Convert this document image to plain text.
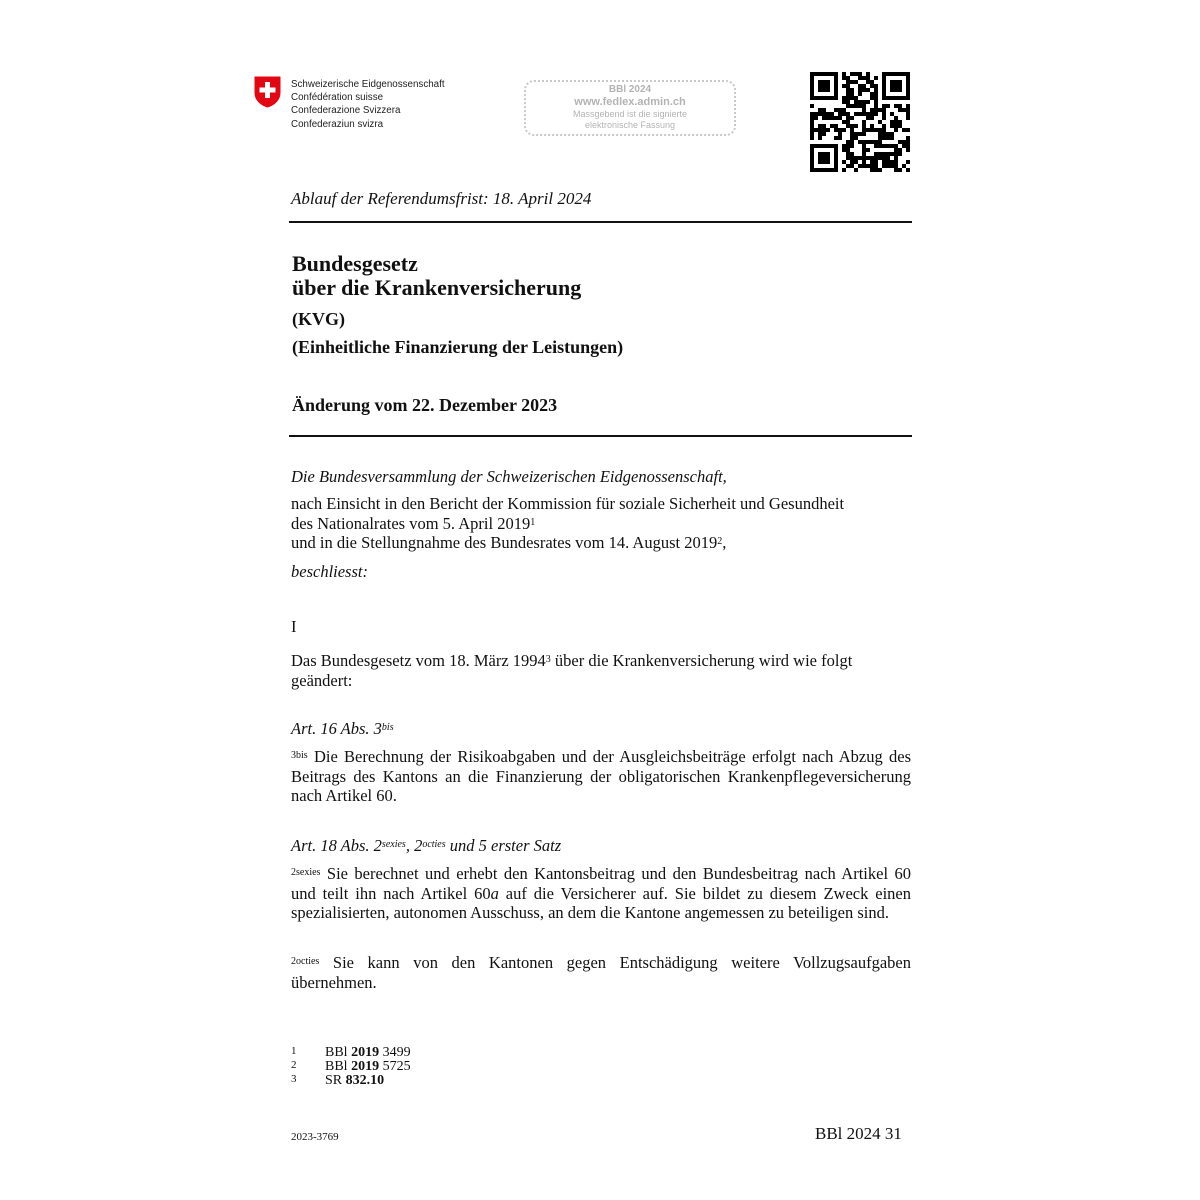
Schweizerische Eidgenossenschaft
Confédération suisse
Confederazione Svizzera
Confederaziun svizra
BBl 2024
www.fedlex.admin.ch
Massgebend ist die signierte
elektronische Fassung
Ablauf der Referendumsfrist: 18. April 2024
Bundesgesetz
über die Krankenversicherung
(KVG)
(Einheitliche Finanzierung der Leistungen)
Änderung vom 22. Dezember 2023
Die Bundesversammlung der Schweizerischen Eidgenossenschaft,
nach Einsicht in den Bericht der Kommission für soziale Sicherheit und Gesundheit
des Nationalrates vom 5. April 2019$^1$
und in die Stellungnahme des Bundesrates vom 14. August 2019$^2$,
beschliesst:
I
Das Bundesgesetz vom 18. März 1994$^3$ über die Krankenversicherung wird wie folgt geändert:
Art. 16 Abs. $3^{bis}$
$^{3bis}$ Die Berechnung der Risikoabgaben und der Ausgleichsbeiträge erfolgt nach Abzug des Beitrags des Kantons an die Finanzierung der obligatorischen Krankenpflegeversicherung nach Artikel 60.
Art. 18 Abs. $2^{sexies}$, $2^{octies}$ und 5 erster Satz
$^{2sexies}$ Sie berechnet und erhebt den Kantonsbeitrag und den Bundesbeitrag nach Artikel 60 und teilt ihn nach Artikel 60a auf die Versicherer auf. Sie bildet zu diesem Zweck einen spezialisierten, autonomen Ausschuss, an dem die Kantone angemessen zu beteiligen sind.
$^{2octies}$ Sie kann von den Kantonen gegen Entschädigung weitere Vollzugsaufgaben übernehmen.
1	BBl 2019 3499
2	BBl 2019 5725
3	SR 832.10
2023-3769	BBl 2024 31
